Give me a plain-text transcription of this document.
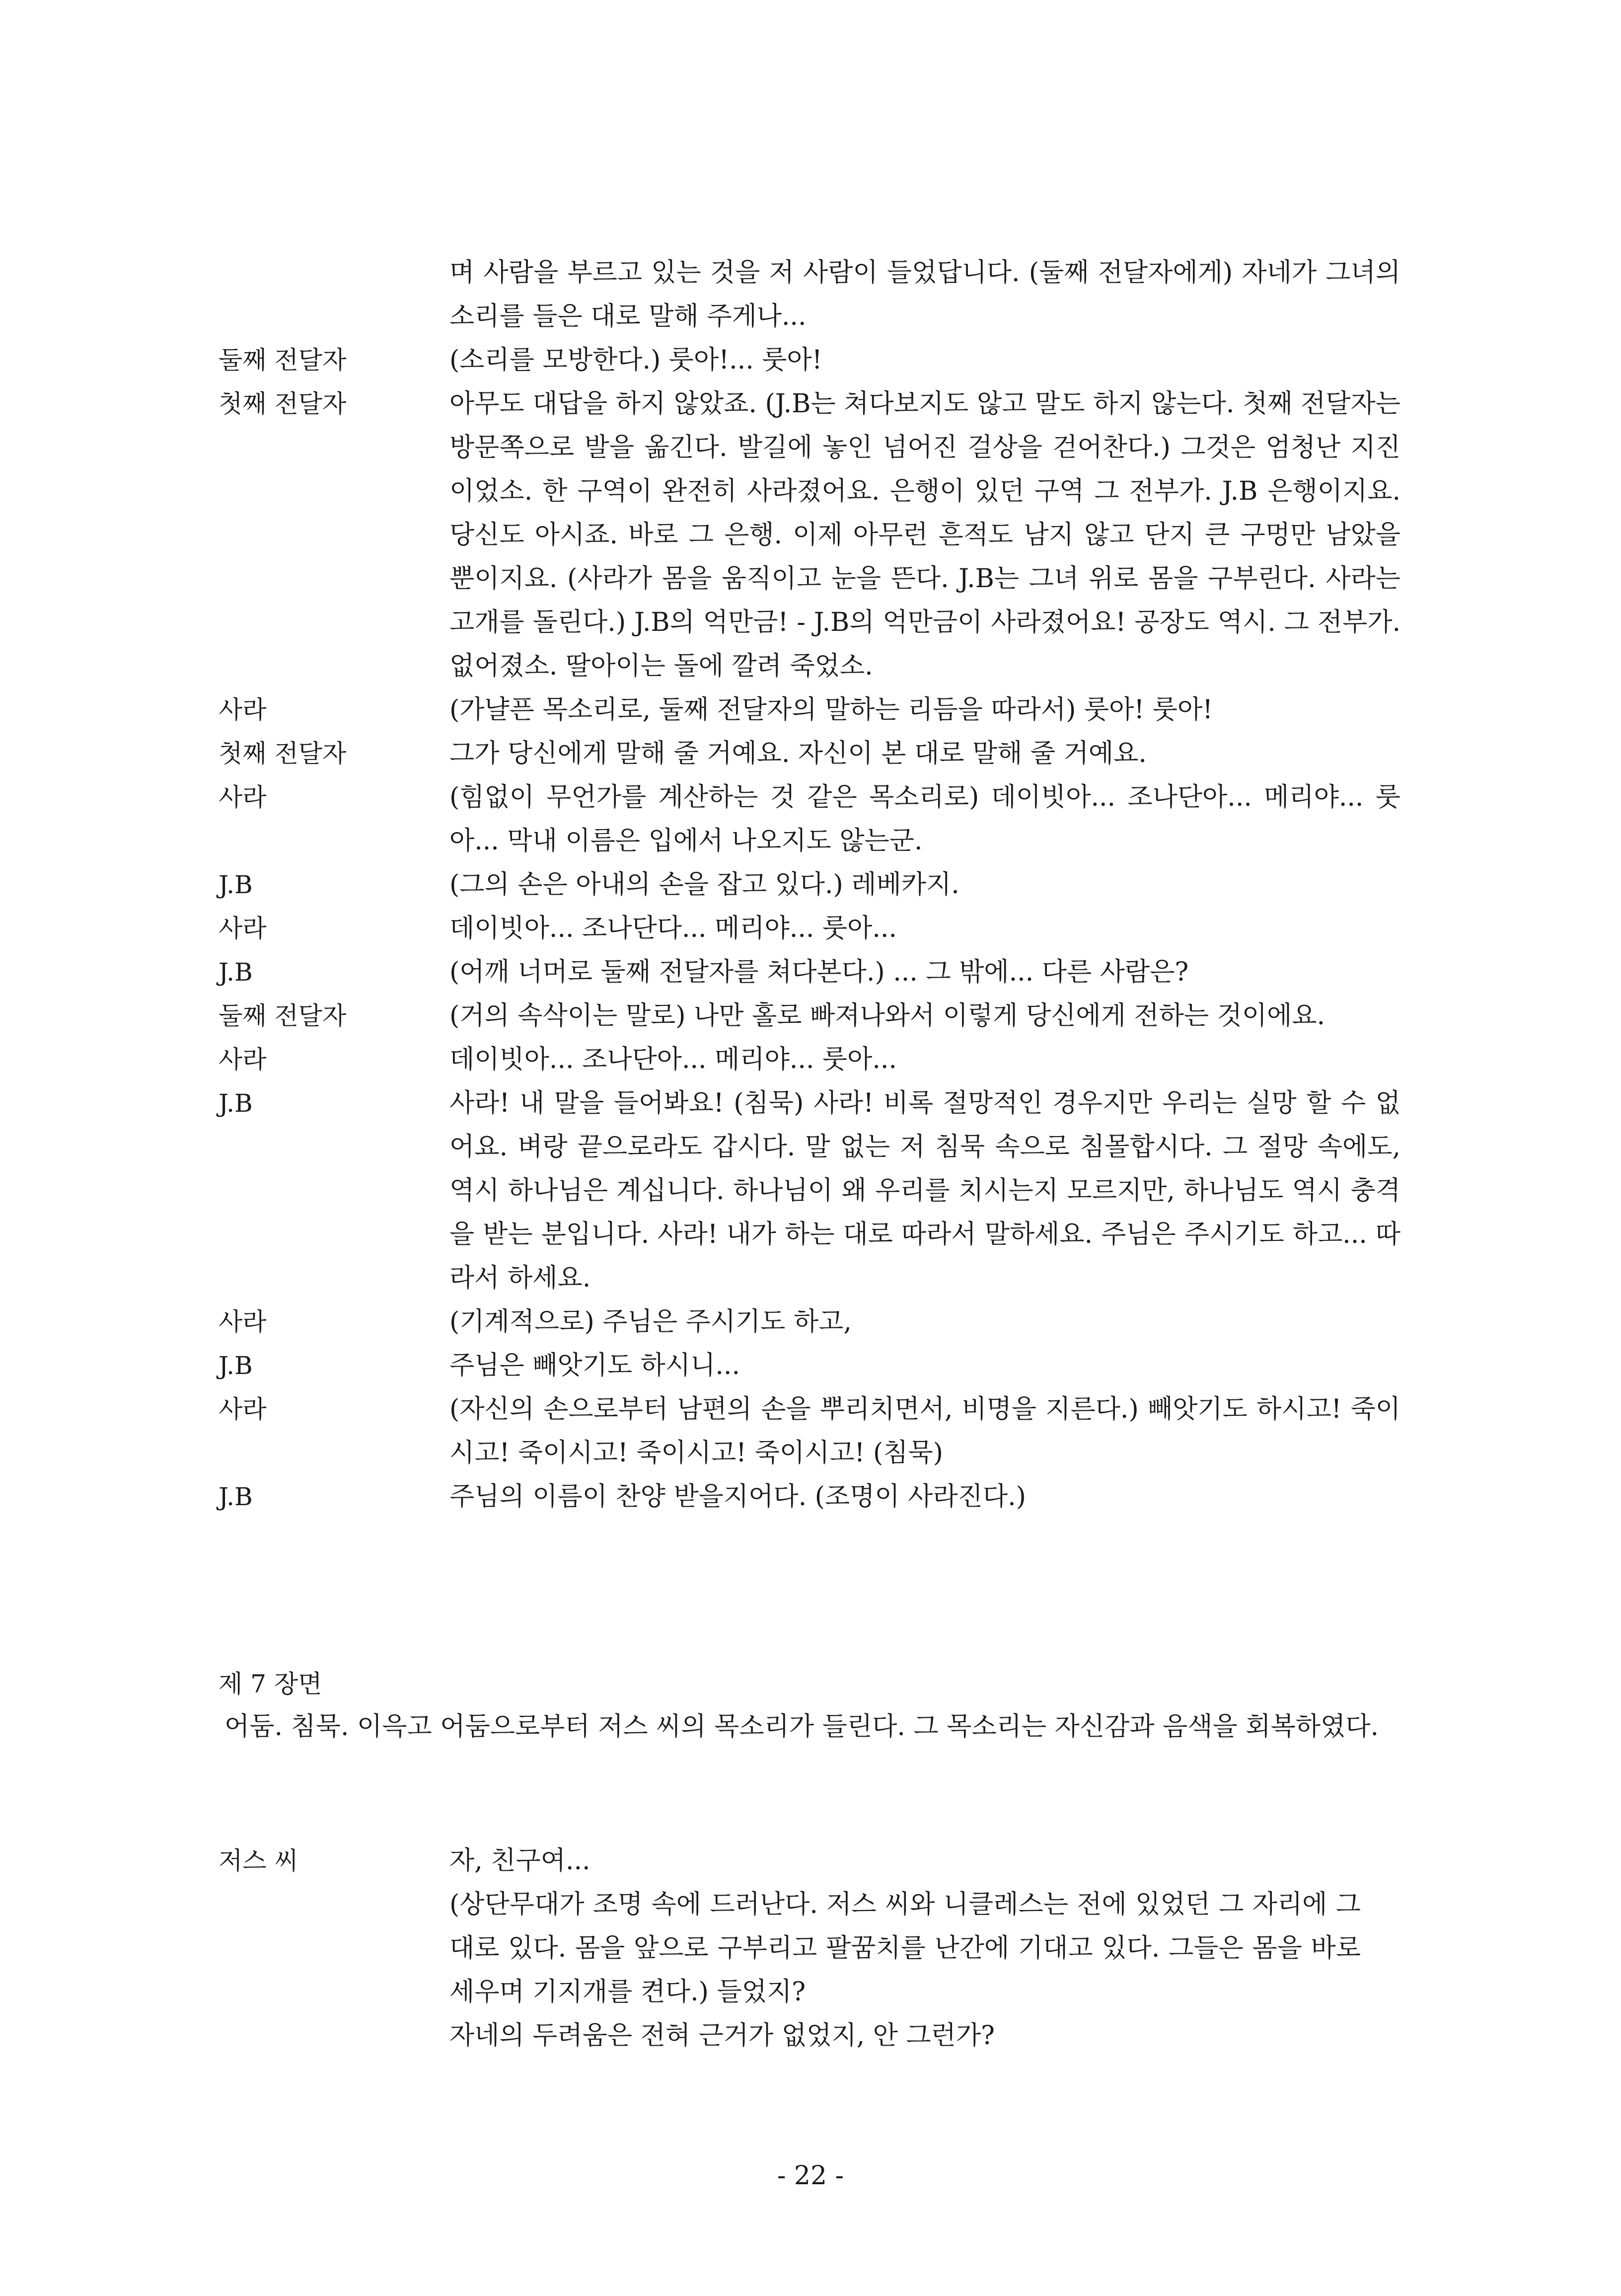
며 사람을 부르고 있는 것을 저 사람이 들었답니다. (둘째 전달자에게) 자네가 그녀의 소리를 들은 대로 말해 주게나...
둘째 전달자	(소리를 모방한다.) 룻아!... 룻아!
첫째 전달자	아무도 대답을 하지 않았죠. (J.B는 쳐다보지도 않고 말도 하지 않는다. 첫째 전달자는 방문쪽으로 발을 옮긴다. 발길에 놓인 넘어진 걸상을 걷어찬다.) 그것은 엄청난 지진이었소. 한 구역이 완전히 사라졌어요. 은행이 있던 구역 그 전부가. J.B 은행이지요. 당신도 아시죠. 바로 그 은행. 이제 아무런 흔적도 남지 않고 단지 큰 구멍만 남았을 뿐이지요. (사라가 몸을 움직이고 눈을 뜬다. J.B는 그녀 위로 몸을 구부린다. 사라는 고개를 돌린다.) J.B의 억만금! - J.B의 억만금이 사라졌어요! 공장도 역시. 그 전부가. 없어졌소. 딸아이는 돌에 깔려 죽었소.
사라	(가냘픈 목소리로, 둘째 전달자의 말하는 리듬을 따라서) 룻아! 룻아!
첫째 전달자	그가 당신에게 말해 줄 거예요. 자신이 본 대로 말해 줄 거예요.
사라	(힘없이 무언가를 계산하는 것 같은 목소리로) 데이빗아... 조나단아... 메리야... 룻아... 막내 이름은 입에서 나오지도 않는군.
J.B	(그의 손은 아내의 손을 잡고 있다.) 레베카지.
사라	데이빗아... 조나단다... 메리야... 룻아...
J.B	(어깨 너머로 둘째 전달자를 쳐다본다.) ... 그 밖에... 다른 사람은?
둘째 전달자	(거의 속삭이는 말로) 나만 홀로 빠져나와서 이렇게 당신에게 전하는 것이에요.
사라	데이빗아... 조나단아... 메리야... 룻아...
J.B	사라! 내 말을 들어봐요! (침묵) 사라! 비록 절망적인 경우지만 우리는 실망 할 수 없어요. 벼랑 끝으로라도 갑시다. 말 없는 저 침묵 속으로 침몰합시다. 그 절망 속에도, 역시 하나님은 계십니다. 하나님이 왜 우리를 치시는지 모르지만, 하나님도 역시 충격을 받는 분입니다. 사라! 내가 하는 대로 따라서 말하세요. 주님은 주시기도 하고... 따라서 하세요.
사라	(기계적으로) 주님은 주시기도 하고,
J.B	주님은 빼앗기도 하시니...
사라	(자신의 손으로부터 남편의 손을 뿌리치면서, 비명을 지른다.) 빼앗기도 하시고! 죽이시고! 죽이시고! 죽이시고! 죽이시고! (침묵)
J.B	주님의 이름이 찬양 받을지어다. (조명이 사라진다.)
제 7 장면
어둠. 침묵. 이윽고 어둠으로부터 저스 씨의 목소리가 들린다. 그 목소리는 자신감과 음색을 회복하였다.
저스 씨	자, 친구여...
(상단무대가 조명 속에 드러난다. 저스 씨와 니클레스는 전에 있었던 그 자리에 그대로 있다. 몸을 앞으로 구부리고 팔꿈치를 난간에 기대고 있다. 그들은 몸을 바로 세우며 기지개를 켠다.) 들었지?
자네의 두려움은 전혀 근거가 없었지, 안 그런가?
- 22 -
